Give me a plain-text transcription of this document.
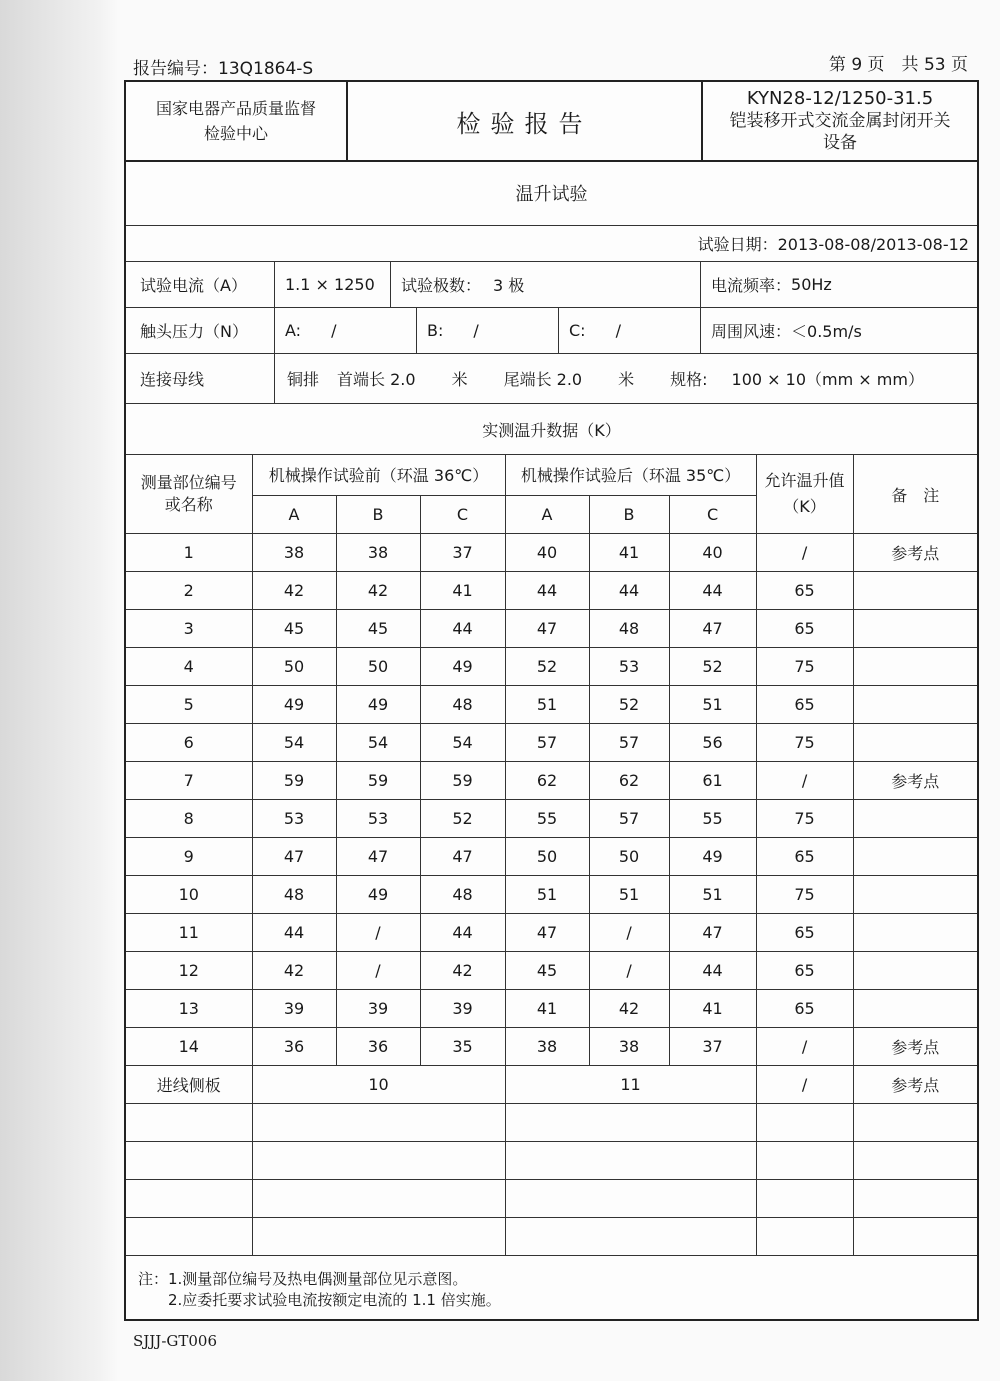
报告编号：13Q1864-S	第 9 页　共 53 页
国家电器产品质量监督
检验中心	检验报告
KYN28-12/1250-31.5
铠装移开式交流金属封闭开关
设备
温升试验
试验日期：2013-08-08/2013-08-12
试验电流（A）	1.1 × 1250	试验极数： 3 极	电流频率： 50Hz
触头压力（N）	A: /	B: /	C: /	周围风速： ＜0.5m/s
连接母线	铜排 首端长 2.0 米 尾端长 2.0 米 规格: 100 × 10（mm × mm）
实测温升数据（K）
测量部位编号或名称	机械操作试验前（环温 36℃）			机械操作试验后（环温 35℃）			允许温升值（K）	备　注
	A	B	C	A	B	C		
1	38	38	37	40	41	40	/	参考点
2	42	42	41	44	44	44	65	
3	45	45	44	47	48	47	65	
4	50	50	49	52	53	52	75	
5	49	49	48	51	52	51	65	
6	54	54	54	57	57	56	75	
7	59	59	59	62	62	61	/	参考点
8	53	53	52	55	57	55	75	
9	47	47	47	50	50	49	65	
10	48	49	48	51	51	51	75	
11	44	/	44	47	/	47	65	
12	42	/	42	45	/	44	65	
13	39	39	39	41	42	41	65	
14	36	36	35	38	38	37	/	参考点
进线侧板	10			11			/	参考点

注：1.测量部位编号及热电偶测量部位见示意图。
　　2.应委托要求试验电流按额定电流的 1.1 倍实施。
SJJJ-GT006
